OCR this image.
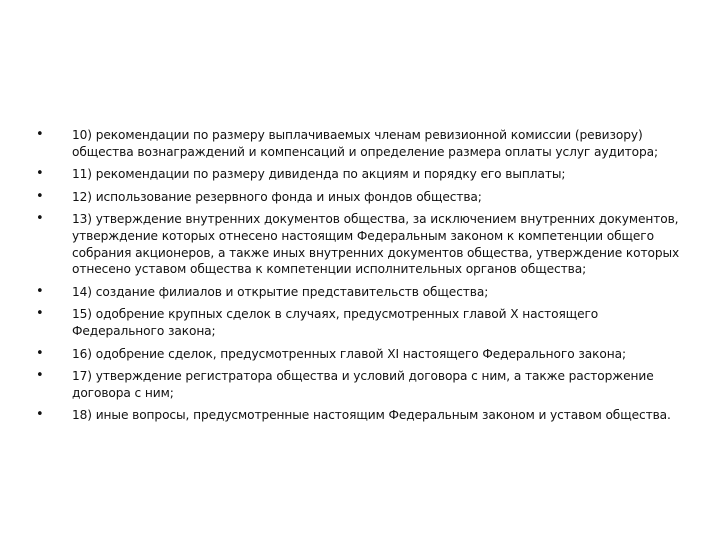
•	10) рекомендации по размеру выплачиваемых членам ревизионной комиссии (ревизору) общества вознаграждений и компенсаций и определение размера оплаты услуг аудитора;
•	11) рекомендации по размеру дивиденда по акциям и порядку его выплаты;
•	12) использование резервного фонда и иных фондов общества;
•	13) утверждение внутренних документов общества, за исключением внутренних документов, утверждение которых отнесено настоящим Федеральным законом к компетенции общего собрания акционеров, а также иных внутренних документов общества, утверждение которых отнесено уставом общества к компетенции исполнительных органов общества;
•	14) создание филиалов и открытие представительств общества;
•	15) одобрение крупных сделок в случаях, предусмотренных главой X настоящего Федерального закона;
•	16) одобрение сделок, предусмотренных главой XI настоящего Федерального закона;
•	17) утверждение регистратора общества и условий договора с ним, а также расторжение договора с ним;
•	18) иные вопросы, предусмотренные настоящим Федеральным законом и уставом общества.
